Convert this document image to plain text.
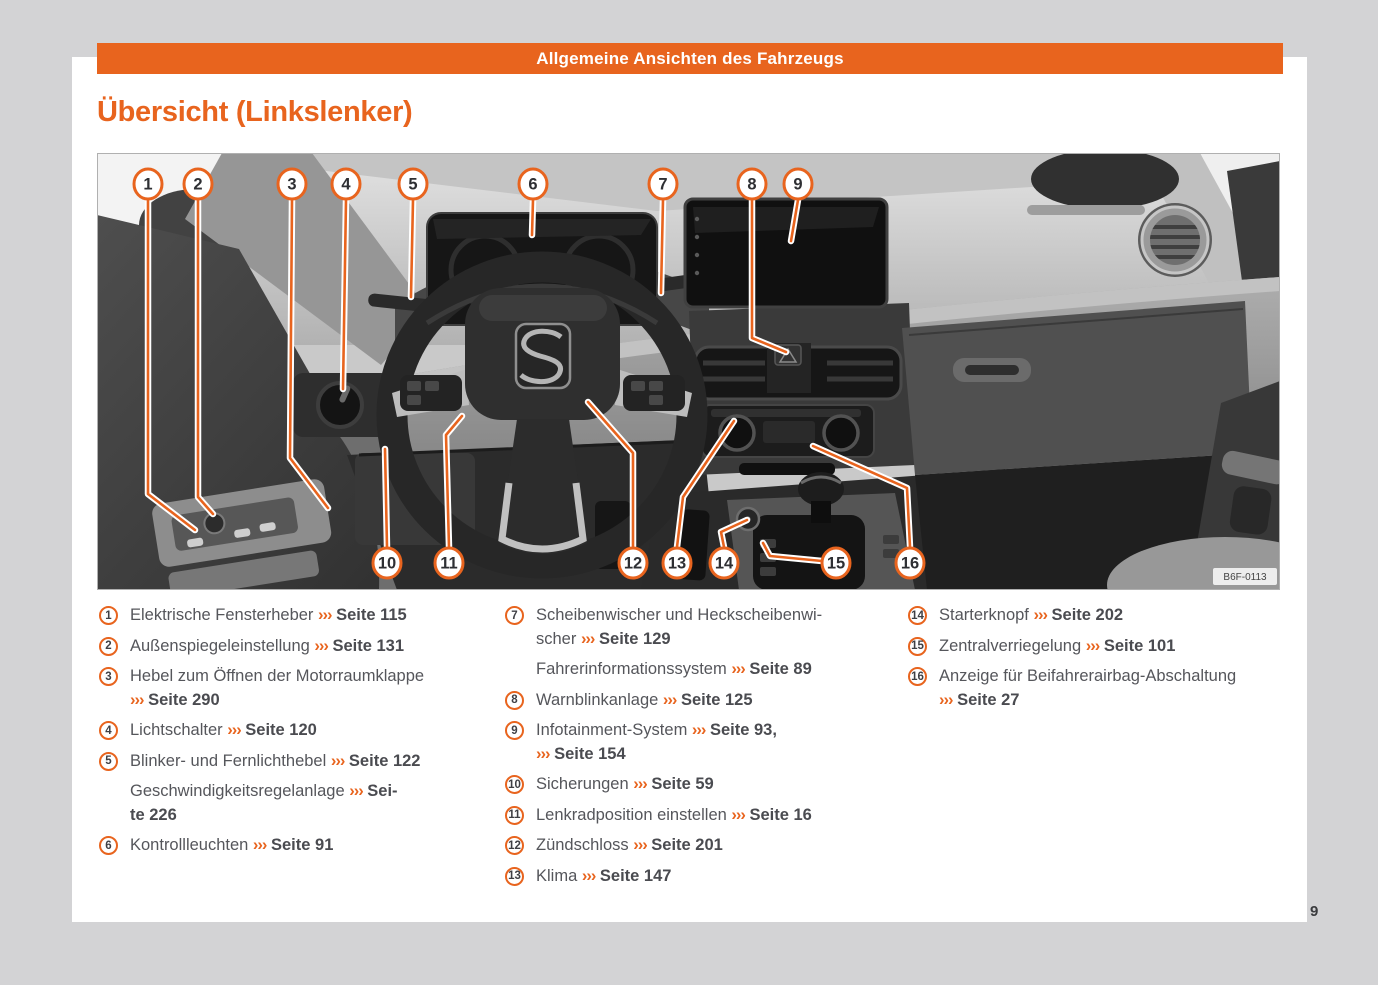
Allgemeine Ansichten des Fahrzeugs
Übersicht (Linkslenker)
B6F-0113
1 2	3	4	5	6	7	8 9
10	11	12 13 14	15	16
1	Elektrische Fensterheber ››› Seite 115
2	Außenspiegeleinstellung ››› Seite 131
3	Hebel zum Öffnen der Motorraumklappe
››› Seite 290
4	Lichtschalter ››› Seite 120
5	Blinker- und Fernlichthebel ››› Seite 122
Geschwindigkeitsregelanlage ››› Sei-
te 226
6	Kontrollleuchten ››› Seite 91
7	Scheibenwischer und Heckscheibenwi-
scher ››› Seite 129
Fahrerinformationssystem ››› Seite 89
8	Warnblinkanlage ››› Seite 125
9	Infotainment-System ››› Seite 93,
››› Seite 154
10 Sicherungen ››› Seite 59
11 Lenkradposition einstellen ››› Seite 16
12 Zündschloss ››› Seite 201
13 Klima ››› Seite 147
14 Starterknopf ››› Seite 202
15 Zentralverriegelung ››› Seite 101
16 Anzeige für Beifahrerairbag-Abschaltung
››› Seite 27
9
